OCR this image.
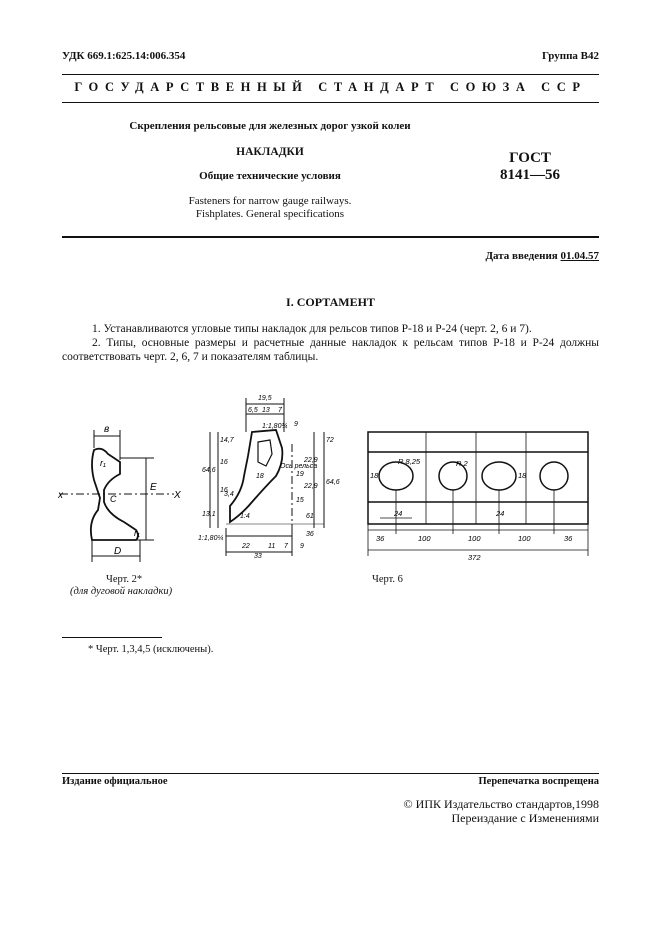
УДК 669.1:625.14:006.354	Группа В42
ГОСУДАРСТВЕННЫЙ СТАНДАРТ СОЮЗА ССР
Скрепления рельсовые для железных дорог узкой колеи
НАКЛАДКИ
Общие технические условия
Fasteners for narrow gauge railways.
Fishplates. General specifications
ГОСТ
8141—56
Дата введения 01.04.57
I. СОРТАМЕНТ
1. Устанавливаются угловые типы накладок для рельсов типов Р-18 и Р-24 (черт. 2, 6 и 7).
2. Типы, основные размеры и расчетные данные накладок к рельсам типов Р-18 и Р-24 должны соответствовать черт. 2, 6, 7 и показателям таблицы.
в
r₁
E
x	X
С
D
r₁
19,5
6,5 13 7
1:1,80¼ 9
72
14,7
16
64,6
18
16
13,1
3,4
22	11 7
33
22,9
22,9
64,6
19
15
61
36
Ось рельса
1:1,80¼
9
1:4
R 8,25	R 2
18	18
24	24
36	100	100	100	36
372
Черт. 2*
(для дуговой накладки)
Черт. 6
* Черт. 1,3,4,5 (исключены).
Издание официальное	Перепечатка воспрещена
© ИПК Издательство стандартов,1998
Переиздание с Изменениями
